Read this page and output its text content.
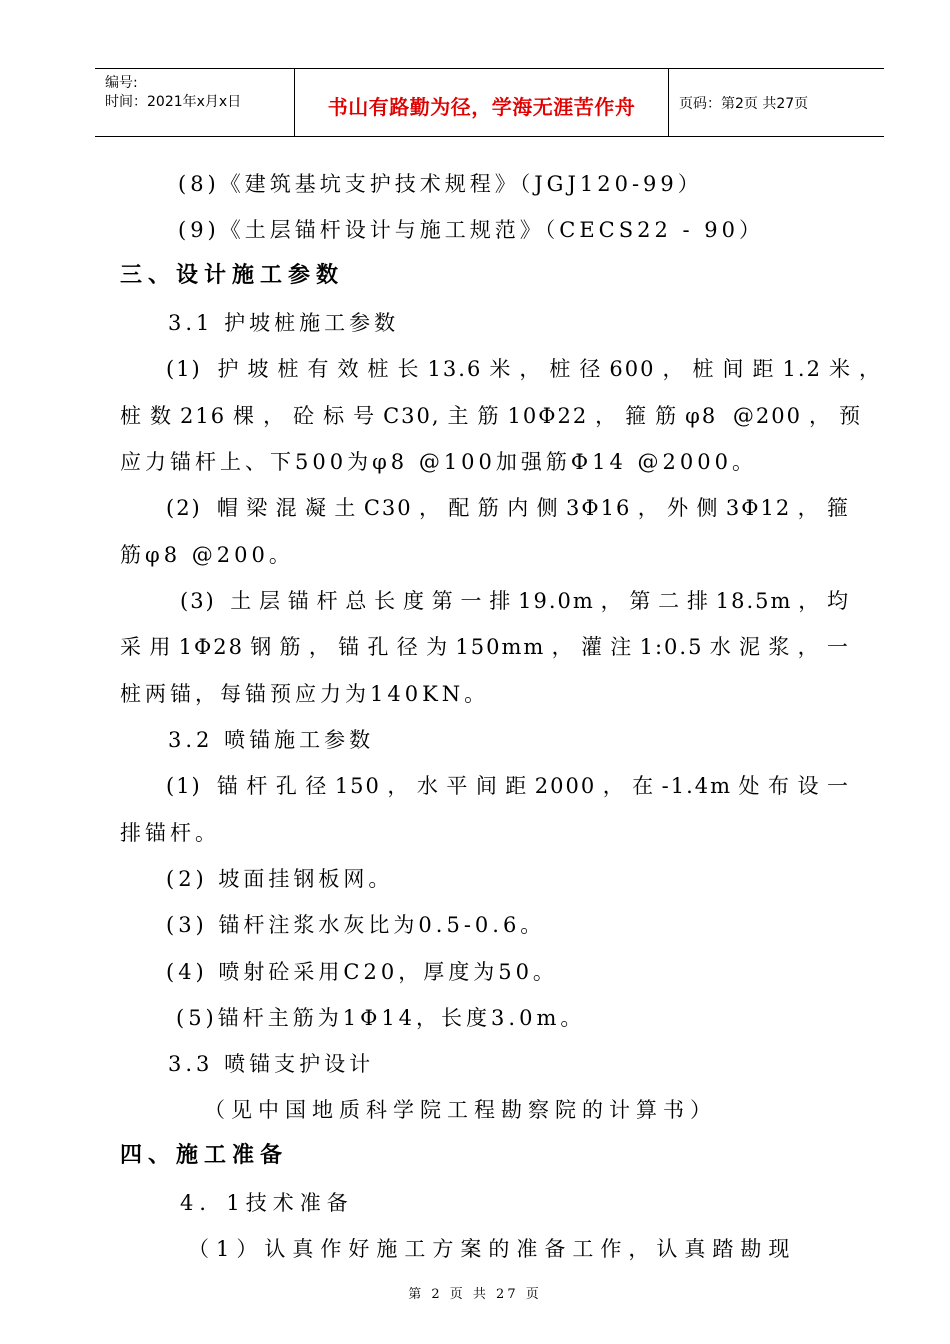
编号:
时间：2021年x月x日	书山有路勤为径，学海无涯苦作舟	页码：第2页 共27页
(8)《建筑基坑支护技术规程》（JGJ120-99）
(9)《土层锚杆设计与施工规范》（CECS22 - 90）
三、设计施工参数
3.1 护坡桩施工参数
(1) 护坡桩有效桩长13.6米，桩径600，桩间距1.2米，
桩数216棵，砼标号C30,主筋10Φ22，箍筋φ8 @200，预
应力锚杆上、下500为φ8 @100加强筋Φ14 @2000。
(2) 帽梁混凝土C30，配筋内侧3Φ16，外侧3Φ12，箍
筋φ8 @200。
(3) 土层锚杆总长度第一排19.0m，第二排18.5m，均
采用1Φ28钢筋，锚孔径为150mm，灌注1:0.5水泥浆，一
桩两锚，每锚预应力为140KN。
3.2 喷锚施工参数
(1) 锚杆孔径150，水平间距2000，在-1.4m处布设一
排锚杆。
(2) 坡面挂钢板网。
(3) 锚杆注浆水灰比为0.5-0.6。
(4) 喷射砼采用C20，厚度为50。
(5)锚杆主筋为1Φ14，长度3.0m。
3.3 喷锚支护设计
（见中国地质科学院工程勘察院的计算书）
四、施工准备
4．1技术准备
（1）认真作好施工方案的准备工作，认真踏勘现
第 2 页 共 27 页
